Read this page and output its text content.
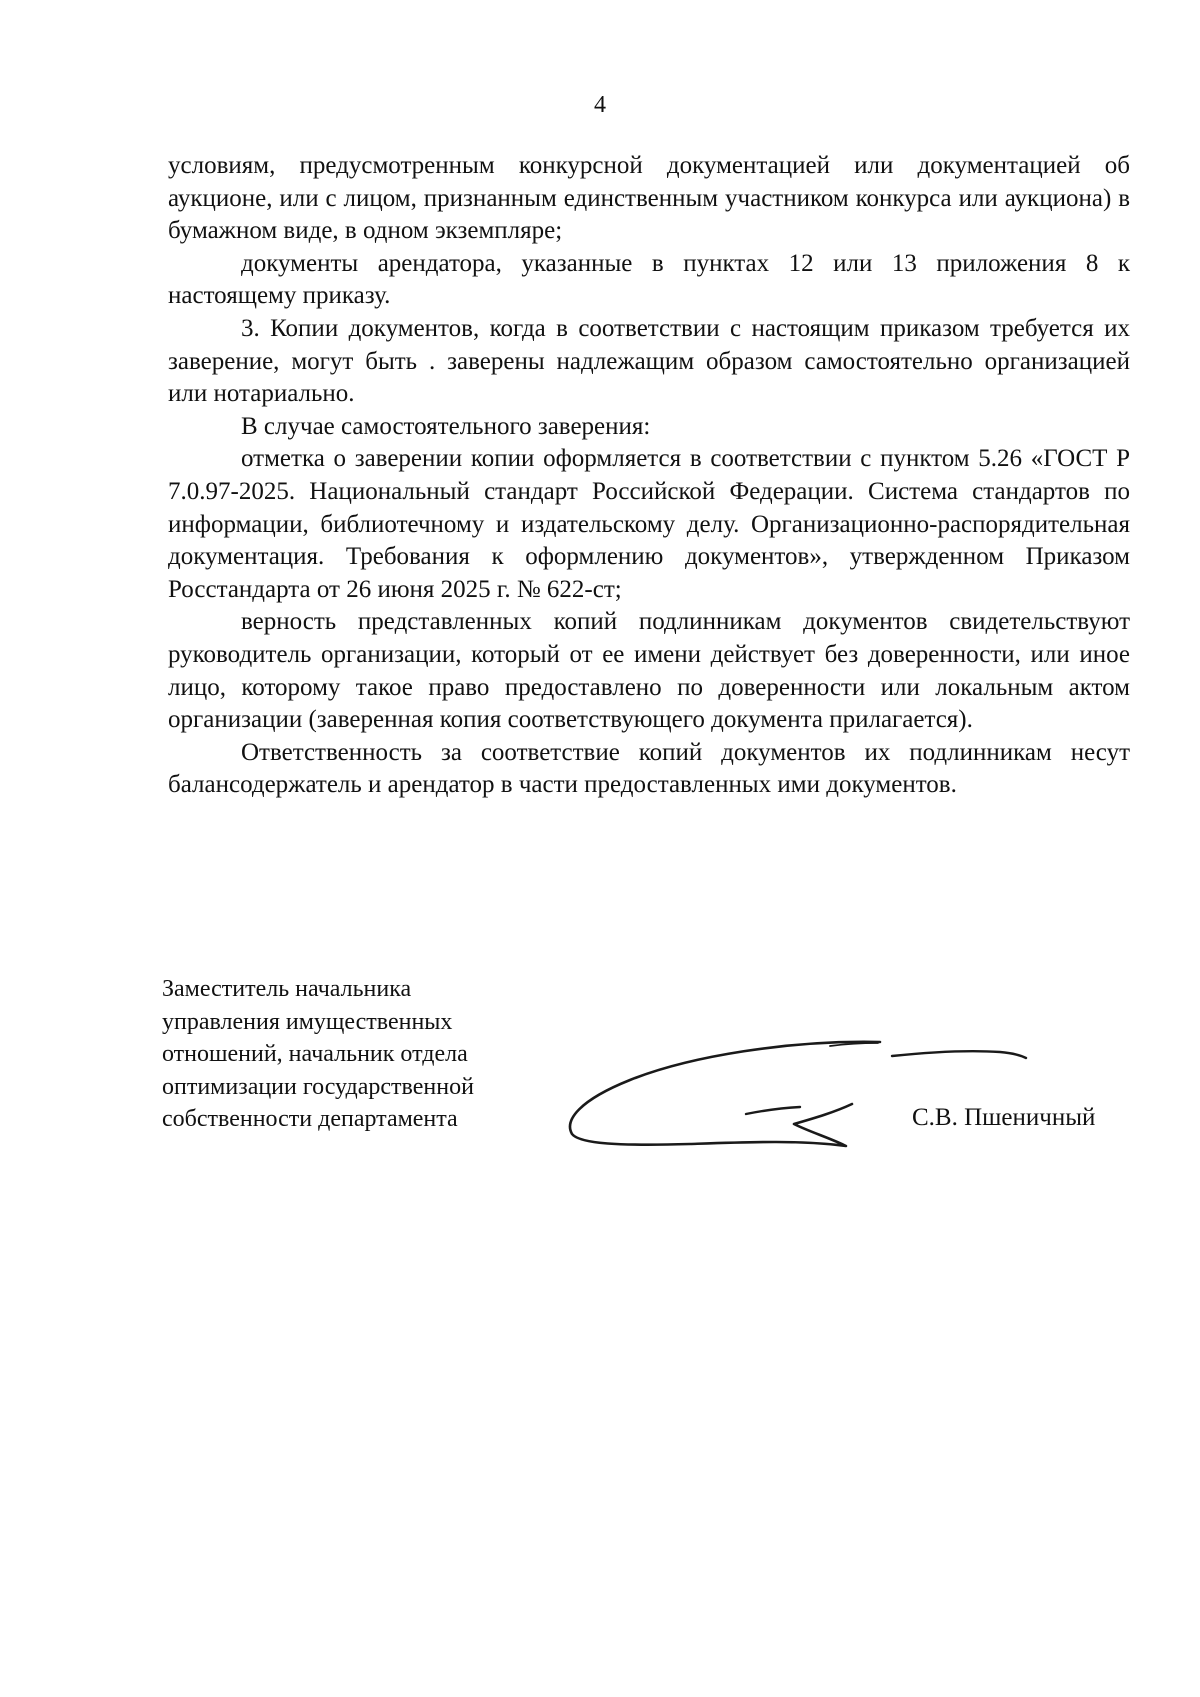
4

условиям, предусмотренным конкурсной документацией или документацией об аукционе, или с лицом, признанным единственным участником конкурса или аукциона) в бумажном виде, в одном экземпляре;

документы арендатора, указанные в пунктах 12 или 13 приложения 8 к настоящему приказу.

3. Копии документов, когда в соответствии с настоящим приказом требуется их заверение, могут быть . заверены надлежащим образом самостоятельно организацией или нотариально.

В случае самостоятельного заверения:

отметка о заверении копии оформляется в соответствии с пунктом 5.26 «ГОСТ Р 7.0.97-2025. Национальный стандарт Российской Федерации. Система стандартов по информации, библиотечному и издательскому делу. Организационно-распорядительная документация. Требования к оформлению документов», утвержденном Приказом Росстандарта от 26 июня 2025 г. № 622-ст;

верность представленных копий подлинникам документов свидетельствуют руководитель организации, который от ее имени действует без доверенности, или иное лицо, которому такое право предоставлено по доверенности или локальным актом организации (заверенная копия соответствующего документа прилагается).

Ответственность за соответствие копий документов их подлинникам несут балансодержатель и арендатор в части предоставленных ими документов.

Заместитель начальника
управления имущественных
отношений, начальник отдела
оптимизации государственной
собственности департамента	С.В. Пшеничный
